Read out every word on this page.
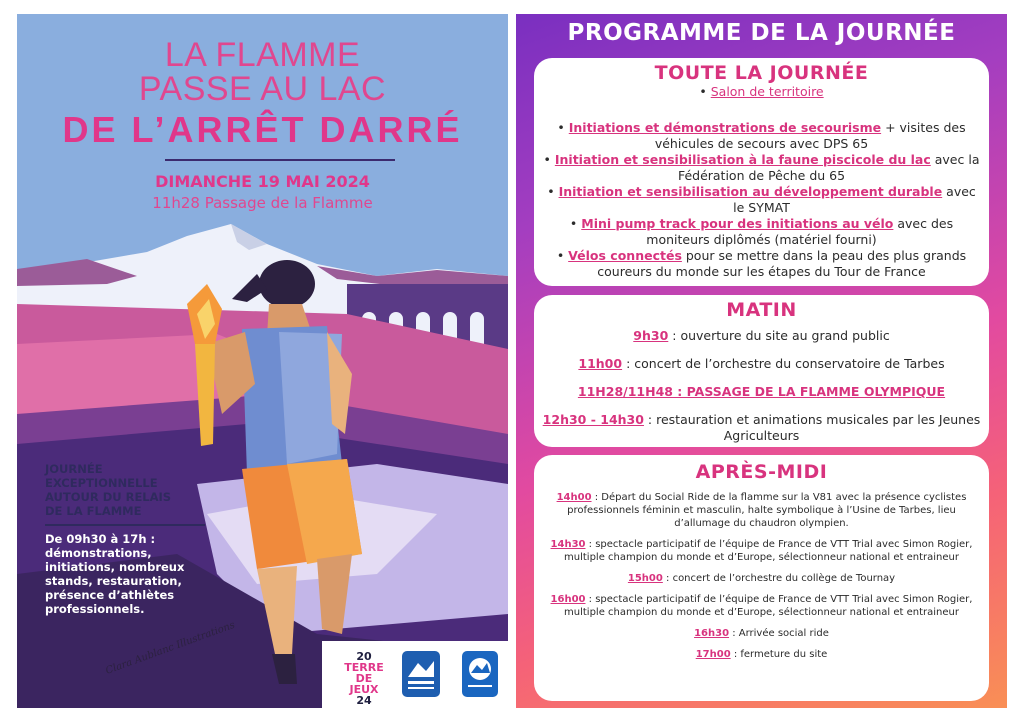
Clara Aublanc Illustrations
LA FLAMME
PASSE AU LAC
DE L’ARRÊT DARRÉ
DIMANCHE 19 MAI 2024
11h28 Passage de la Flamme
JOURNÉE
EXCEPTIONNELLE
AUTOUR DU RELAIS
DE LA FLAMME
De 09h30 à 17h :
démonstrations,
initiations, nombreux
stands, restauration,
présence d’athlètes
professionnels.
20
TERRE
DE JEUX
24
PROGRAMME DE LA JOURNÉE
TOUTE LA JOURNÉE
• Salon de territoire
• Initiations et démonstrations de secourisme + visites des véhicules de secours avec DPS 65
• Initiation et sensibilisation à la faune piscicole du lac avec la Fédération de Pêche du 65
• Initiation et sensibilisation au développement durable avec le SYMAT
• Mini pump track pour des initiations au vélo avec des moniteurs diplômés (matériel fourni)
• Vélos connectés pour se mettre dans la peau des plus grands coureurs du monde sur les étapes du Tour de France
MATIN
9h30 : ouverture du site au grand public
11h00 : concert de l’orchestre du conservatoire de Tarbes
11H28/11H48 : PASSAGE DE LA FLAMME OLYMPIQUE
12h30 - 14h30 : restauration et animations musicales par les Jeunes Agriculteurs
APRÈS-MIDI
14h00 : Départ du Social Ride de la flamme sur la V81 avec la présence cyclistes professionnels féminin et masculin, halte symbolique à l’Usine de Tarbes, lieu d’allumage du chaudron olympien.
14h30 : spectacle participatif de l’équipe de France de VTT Trial avec Simon Rogier, multiple champion du monde et d’Europe, sélectionneur national et entraineur
15h00 : concert de l’orchestre du collège de Tournay
16h00 : spectacle participatif de l’équipe de France de VTT Trial avec Simon Rogier, multiple champion du monde et d’Europe, sélectionneur national et entraineur
16h30 : Arrivée social ride
17h00 : fermeture du site
